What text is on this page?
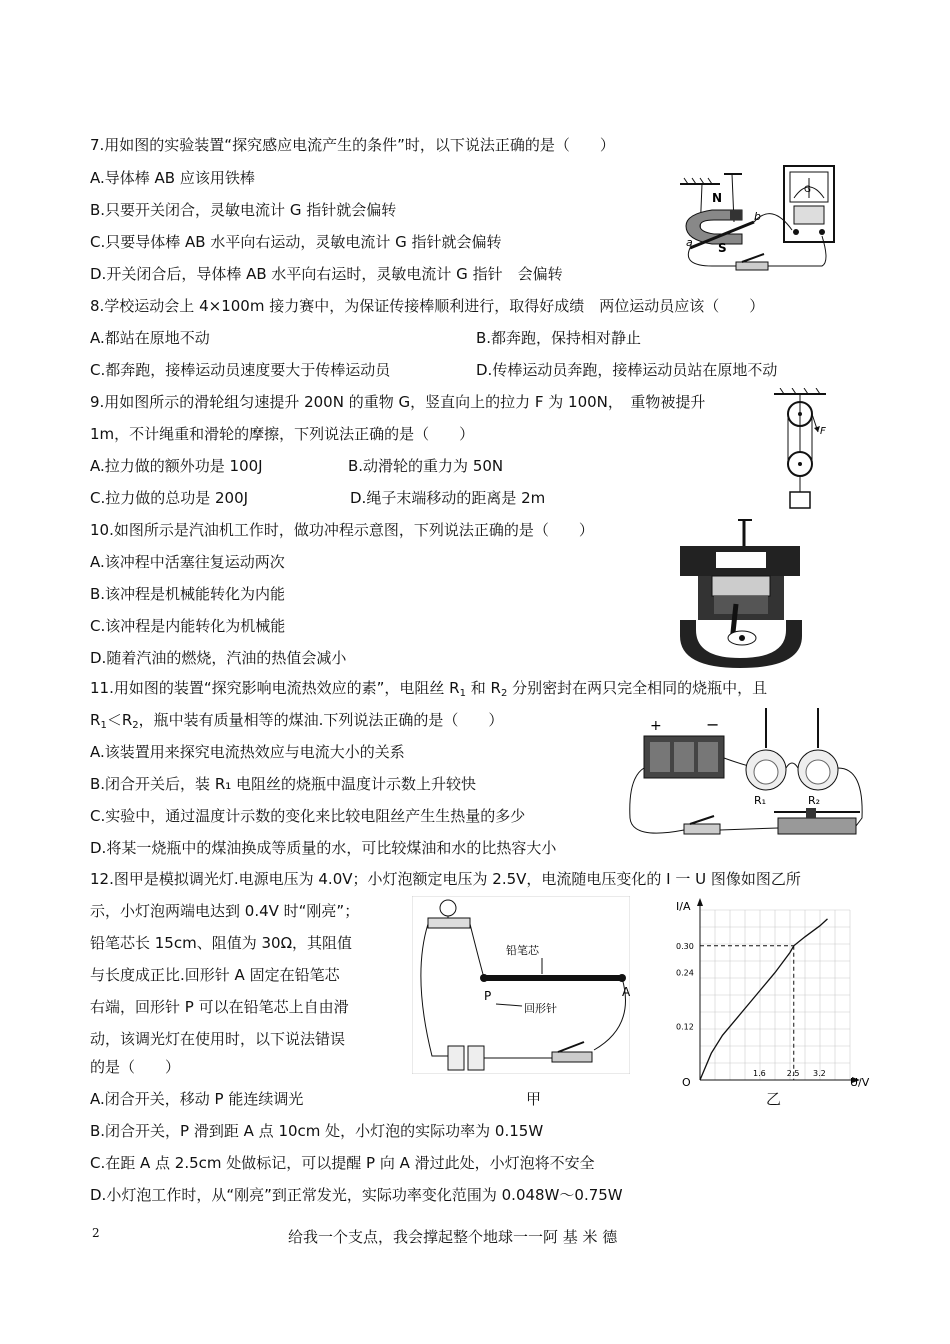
7.用如图的实验装置“探究感应电流产生的条件”时，以下说法正确的是（　　）
A.导体棒 AB 应该用铁棒
B.只要开关闭合，灵敏电流计 G 指针就会偏转
C.只要导体棒 AB 水平向右运动，灵敏电流计 G 指针就会偏转
D.开关闭合后，导体棒 AB 水平向右运时，灵敏电流计 G 指针　会偏转
N
S
a
b
G
8.学校运动会上 4×100m 接力赛中，为保证传接棒顺利进行，取得好成绩　两位运动员应该（　　）
A.都站在原地不动	B.都奔跑，保持相对静止
C.都奔跑，接棒运动员速度要大于传棒运动员	D.传棒运动员奔跑，接棒运动员站在原地不动
9.用如图所示的滑轮组匀速提升 200N 的重物 G，竖直向上的拉力 F 为 100N，　重物被提升
1m，不计绳重和滑轮的摩擦，下列说法正确的是（　　）
A.拉力做的额外功是 100J	B.动滑轮的重力为 50N
C.拉力做的总功是 200J	D.绳子末端移动的距离是 2m
F
10.如图所示是汽油机工作时，做功冲程示意图，下列说法正确的是（　　）
A.该冲程中活塞往复运动两次
B.该冲程是机械能转化为内能
C.该冲程是内能转化为机械能
D.随着汽油的燃烧，汽油的热值会减小
11.用如图的装置“探究影响电流热效应的素”，电阻丝 $R_1$ 和 $R_2$ 分别密封在两只完全相同的烧瓶中，且
$R_1<R_2$，瓶中装有质量相等的煤油.下列说法正确的是（　　）
A.该装置用来探究电流热效应与电流大小的关系
B.闭合开关后，装 R₁ 电阻丝的烧瓶中温度计示数上升较快
C.实验中，通过温度计示数的变化来比较电阻丝产生生热量的多少
D.将某一烧瓶中的煤油换成等质量的水，可比较煤油和水的比热容大小
+	−
R₁	R₂
12.图甲是模拟调光灯.电源电压为 4.0V；小灯泡额定电压为 2.5V，电流随电压变化的 I 一 U 图像如图乙所
示，小灯泡两端电达到 0.4V 时“刚亮”；
铅笔芯长 15cm、阻值为 30Ω，其阻值
与长度成正比.回形针 A 固定在铅笔芯
右端，回形针 P 可以在铅笔芯上自由滑
动，该调光灯在使用时，以下说法错误
的是（　　）
A.闭合开关，移动 P 能连续调光
B.闭合开关，P 滑到距 A 点 10cm 处，小灯泡的实际功率为 0.15W
C.在距 A 点 2.5cm 处做标记，可以提醒 P 向 A 滑过此处，小灯泡将不安全
D.小灯泡工作时，从“刚亮”到正常发光，实际功率变化范围为 0.048W～0.75W
铅笔芯
回形针
P	A
甲
I/A
U/V
O
1.6	2.5 3.2
0.12
0.24
0.30
乙
2	给我一个支点，我会撑起整个地球一一阿 基 米 德
